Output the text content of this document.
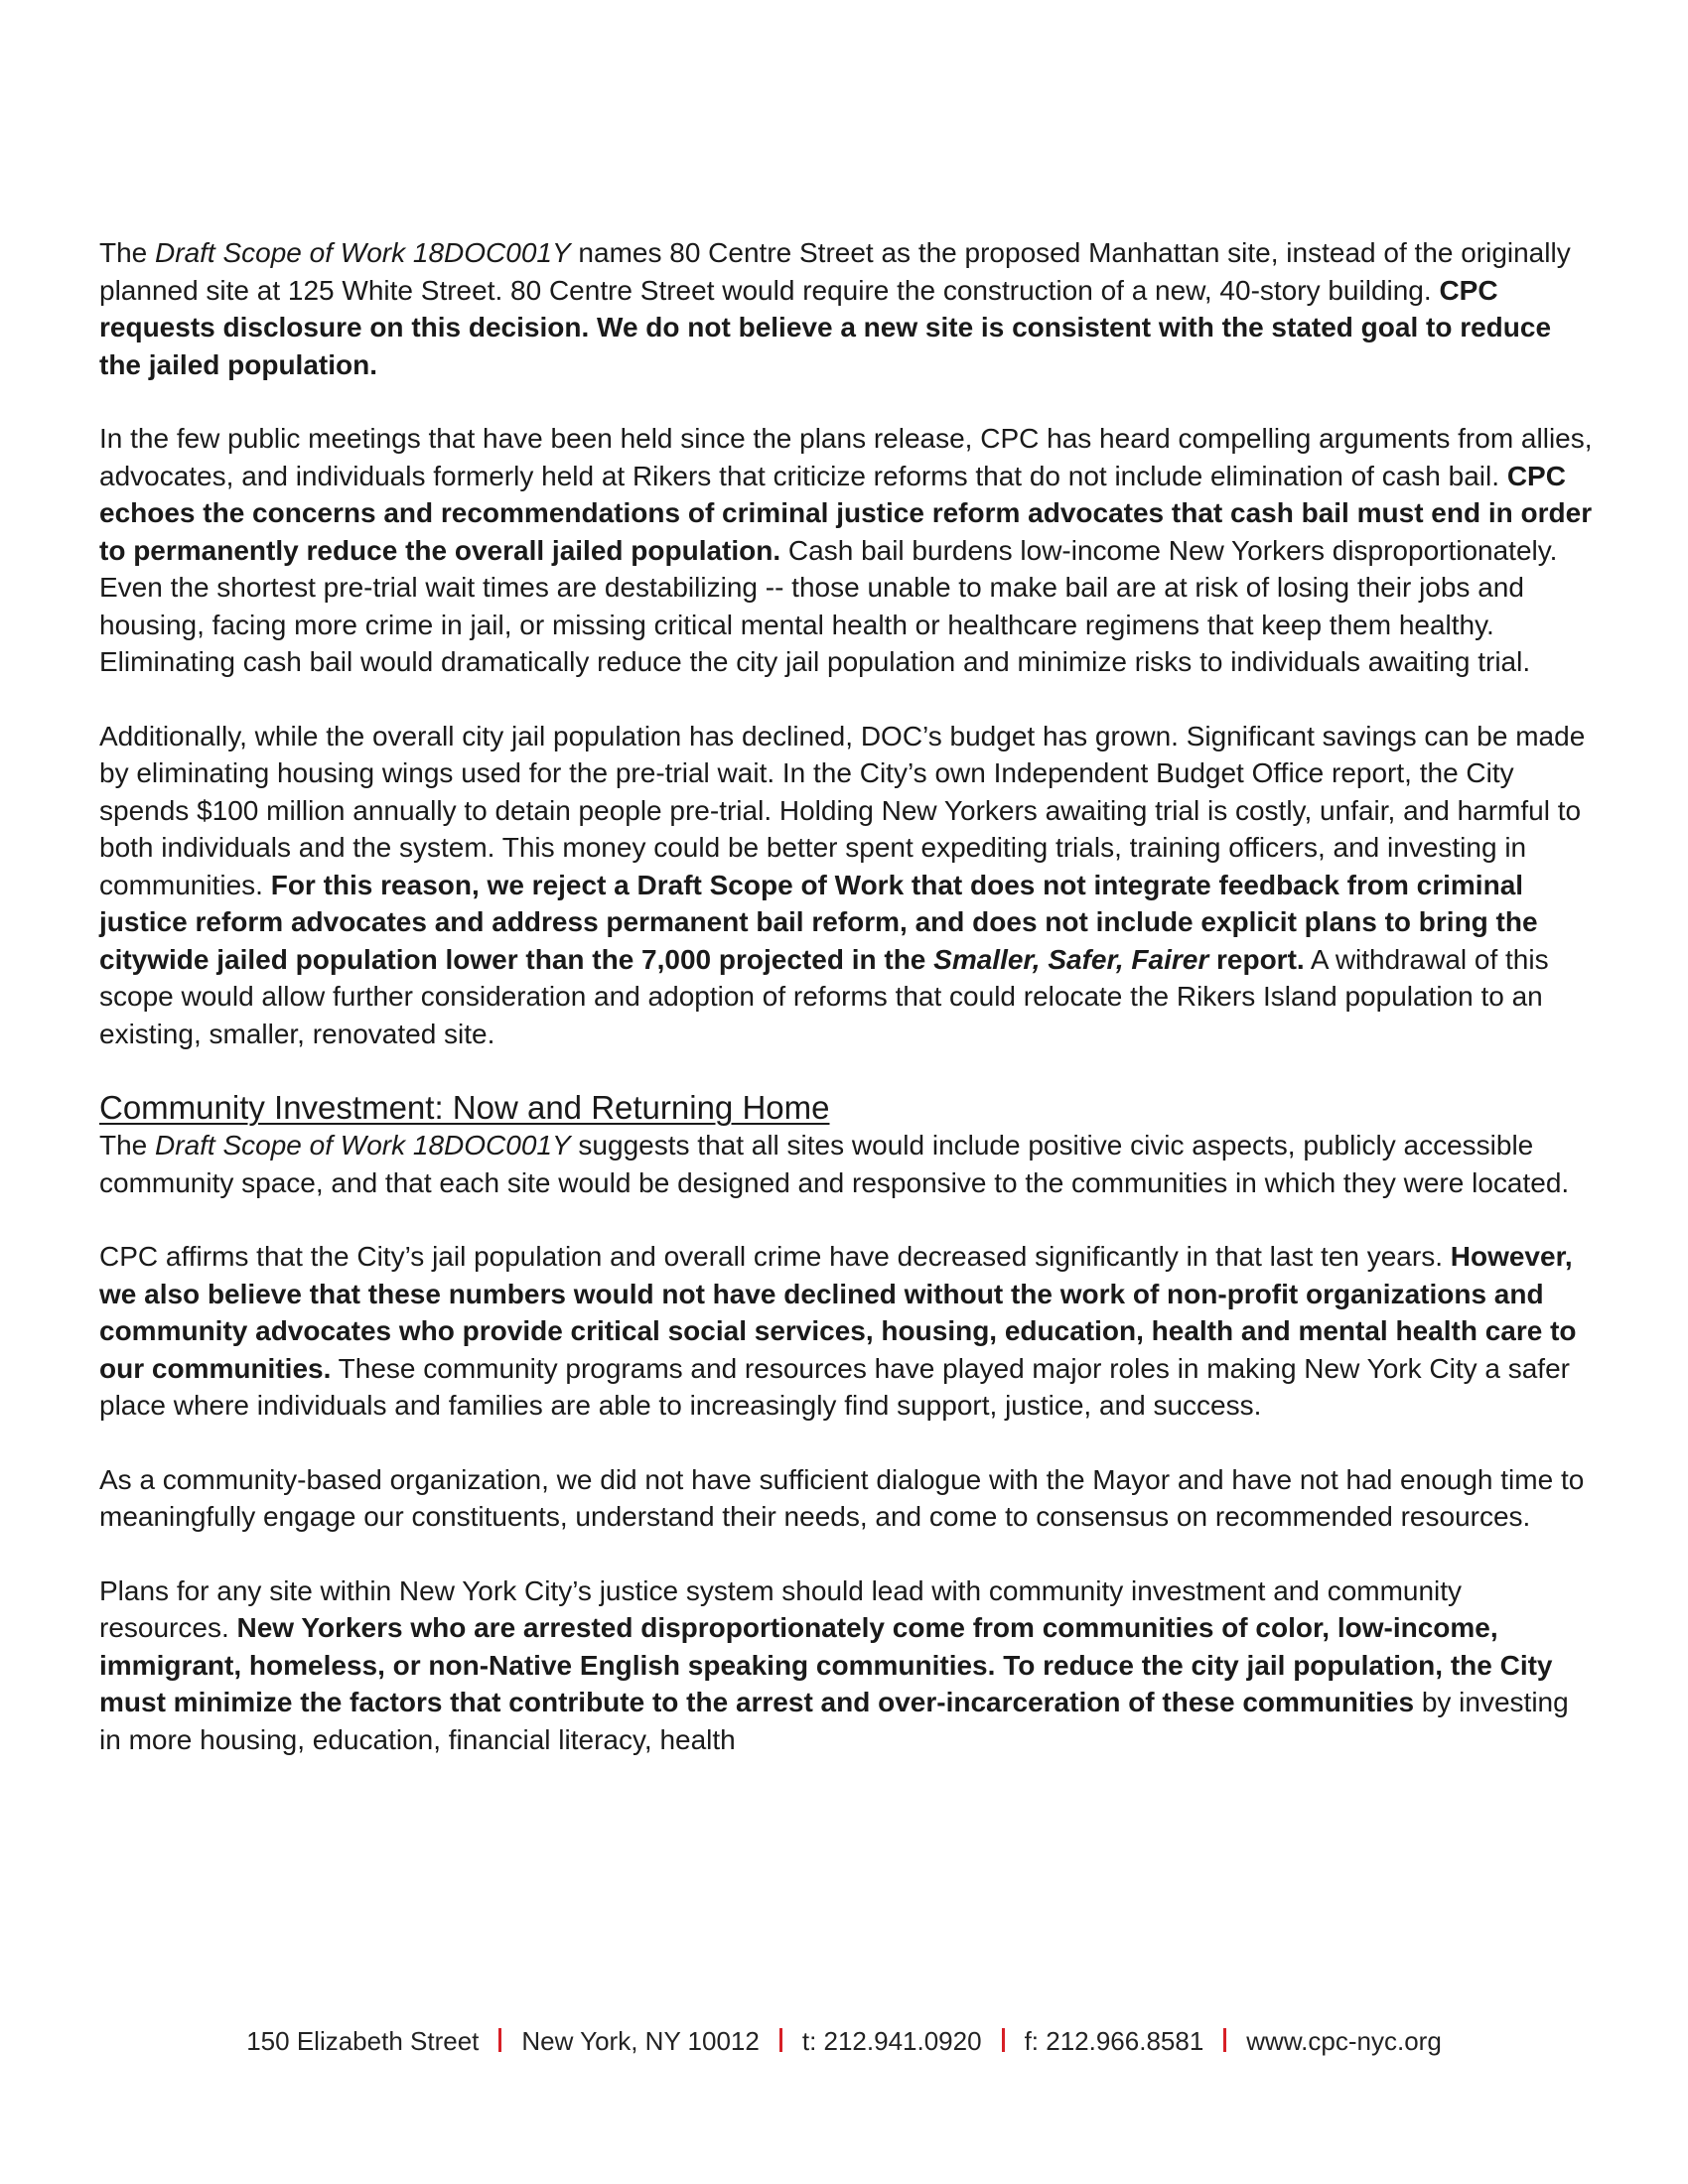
The Draft Scope of Work 18DOC001Y names 80 Centre Street as the proposed Manhattan site, instead of the originally planned site at 125 White Street. 80 Centre Street would require the construction of a new, 40-story building. CPC requests disclosure on this decision. We do not believe a new site is consistent with the stated goal to reduce the jailed population.

In the few public meetings that have been held since the plans release, CPC has heard compelling arguments from allies, advocates, and individuals formerly held at Rikers that criticize reforms that do not include elimination of cash bail. CPC echoes the concerns and recommendations of criminal justice reform advocates that cash bail must end in order to permanently reduce the overall jailed population. Cash bail burdens low-income New Yorkers disproportionately. Even the shortest pre-trial wait times are destabilizing -- those unable to make bail are at risk of losing their jobs and housing, facing more crime in jail, or missing critical mental health or healthcare regimens that keep them healthy. Eliminating cash bail would dramatically reduce the city jail population and minimize risks to individuals awaiting trial.

Additionally, while the overall city jail population has declined, DOC’s budget has grown. Significant savings can be made by eliminating housing wings used for the pre-trial wait. In the City’s own Independent Budget Office report, the City spends $100 million annually to detain people pre-trial. Holding New Yorkers awaiting trial is costly, unfair, and harmful to both individuals and the system. This money could be better spent expediting trials, training officers, and investing in communities. For this reason, we reject a Draft Scope of Work that does not integrate feedback from criminal justice reform advocates and address permanent bail reform, and does not include explicit plans to bring the citywide jailed population lower than the 7,000 projected in the Smaller, Safer, Fairer report. A withdrawal of this scope would allow further consideration and adoption of reforms that could relocate the Rikers Island population to an existing, smaller, renovated site.

Community Investment: Now and Returning Home

The Draft Scope of Work 18DOC001Y suggests that all sites would include positive civic aspects, publicly accessible community space, and that each site would be designed and responsive to the communities in which they were located.

CPC affirms that the City’s jail population and overall crime have decreased significantly in that last ten years. However, we also believe that these numbers would not have declined without the work of non-profit organizations and community advocates who provide critical social services, housing, education, health and mental health care to our communities. These community programs and resources have played major roles in making New York City a safer place where individuals and families are able to increasingly find support, justice, and success.

As a community-based organization, we did not have sufficient dialogue with the Mayor and have not had enough time to meaningfully engage our constituents, understand their needs, and come to consensus on recommended resources.

Plans for any site within New York City’s justice system should lead with community investment and community resources. New Yorkers who are arrested disproportionately come from communities of color, low-income, immigrant, homeless, or non-Native English speaking communities. To reduce the city jail population, the City must minimize the factors that contribute to the arrest and over-incarceration of these communities by investing in more housing, education, financial literacy, health

150 Elizabeth Street New York, NY 10012 t: 212.941.0920 f: 212.966.8581 www.cpc-nyc.org
